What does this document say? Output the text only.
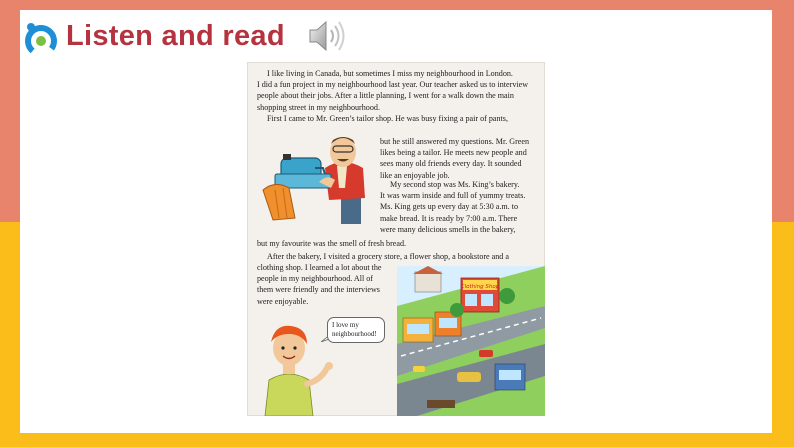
Listen and read

I like living in Canada, but sometimes I miss my neighbourhood in London.

I did a fun project in my neighbourhood last year. Our teacher asked us to interview

people about their jobs. After a little planning, I went for a walk down the main

shopping street in my neighbourhood.

First I came to Mr. Green’s tailor shop. He was busy fixing a pair of pants,

but he still answered my questions. Mr. Green

likes being a tailor. He meets new people and

sees many old friends every day. It sounded

like an enjoyable job.

My second stop was Ms. King’s bakery.

It was warm inside and full of yummy treats.

Ms. King gets up every day at 5:30 a.m. to

make bread. It is ready by 7:00 a.m. There

were many delicious smells in the bakery,

but my favourite was the smell of fresh bread.

After the bakery, I visited a grocery store, a flower shop, a bookstore and a

clothing shop. I learned a lot about the

people in my neighbourhood. All of

them were friendly and the interviews

were enjoyable.

Clothing Shop
I love my neighbourhood!
